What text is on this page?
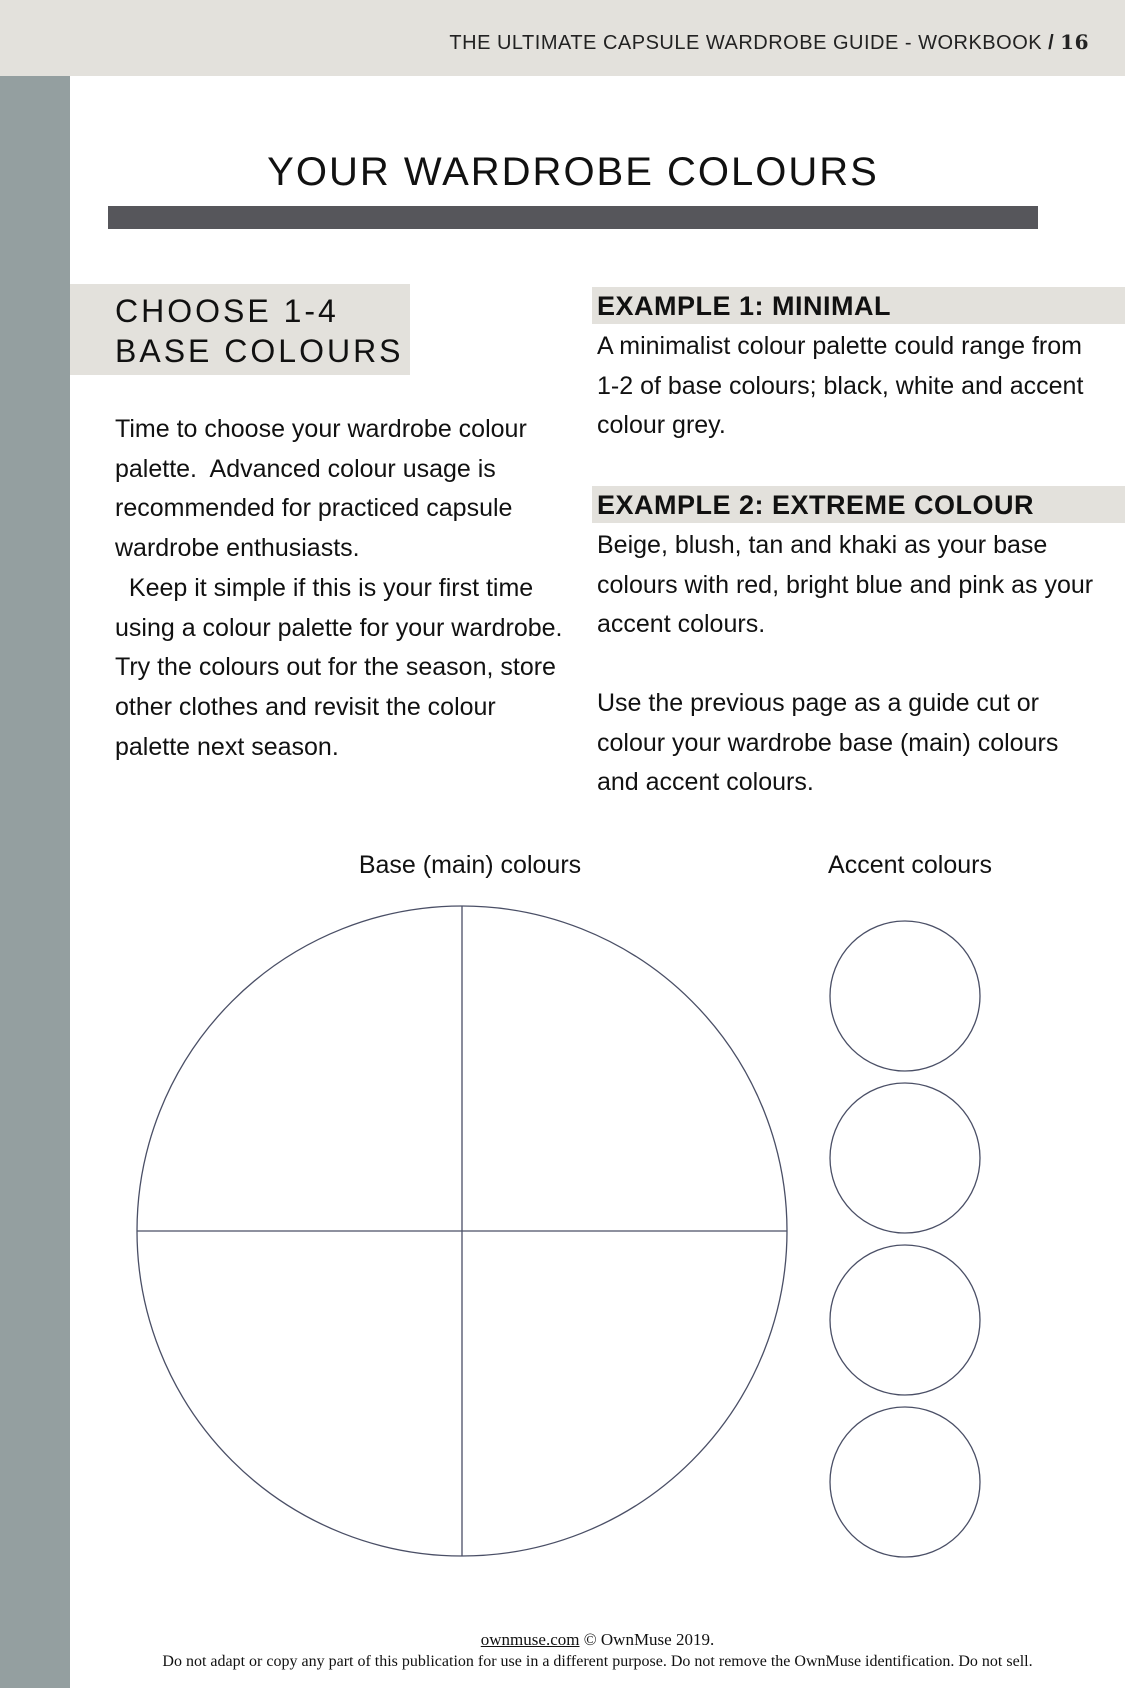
THE ULTIMATE CAPSULE WARDROBE GUIDE - WORKBOOK / 16
YOUR WARDROBE COLOURS
CHOOSE 1-4 BASE COLOURS
Time to choose your wardrobe colour palette.  Advanced colour usage is recommended for practiced capsule wardrobe enthusiasts.
Keep it simple if this is your first time using a colour palette for your wardrobe. Try the colours out for the season, store other clothes and revisit the colour palette next season.
EXAMPLE 1: MINIMAL
A minimalist colour palette could range from 1-2 of base colours; black, white and accent colour grey.
EXAMPLE 2: EXTREME COLOUR
Beige, blush, tan and khaki as your base colours with red, bright blue and pink as your accent colours.
Use the previous page as a guide cut or colour your wardrobe base (main) colours and accent colours.
Base (main) colours	Accent colours
ownmuse.com © OwnMuse 2019.
Do not adapt or copy any part of this publication for use in a different purpose. Do not remove the OwnMuse identification. Do not sell.
